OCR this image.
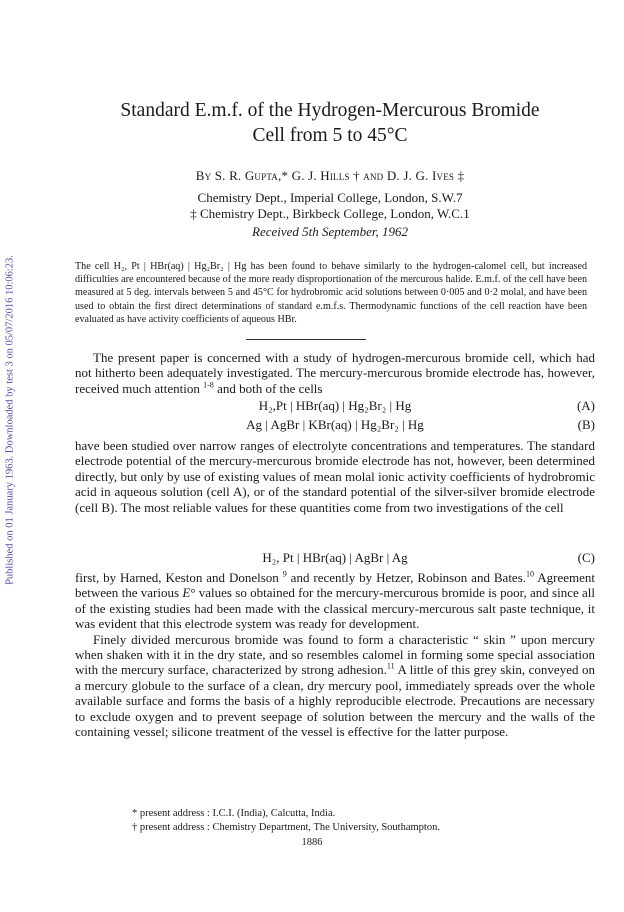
Published on 01 January 1963. Downloaded by test 3 on 05/07/2016 10:06:23.
Standard E.m.f. of the Hydrogen-Mercurous Bromide
Cell from 5 to 45°C
By S. R. Gupta,* G. J. Hills † and D. J. G. Ives ‡
Chemistry Dept., Imperial College, London, S.W.7
‡ Chemistry Dept., Birkbeck College, London, W.C.1
Received 5th September, 1962
The cell H₂, Pt | HBr(aq) | Hg₂Br₂ | Hg has been found to behave similarly to the hydrogen-calomel cell, but increased difficulties are encountered because of the more ready disproportionation of the mercurous halide. E.m.f. of the cell have been measured at 5 deg. intervals between 5 and 45°C for hydrobromic acid solutions between 0·005 and 0·2 molal, and have been used to obtain the first direct determinations of standard e.m.f.s. Thermodynamic functions of the cell reaction have been evaluated as have activity coefficients of aqueous HBr.

The present paper is concerned with a study of hydrogen-mercurous bromide cell, which had not hitherto been adequately investigated. The mercury-mercurous bromide electrode has, however, received much attention $^{1-8}$ and both of the cells

H₂,Pt | HBr(aq) | Hg₂Br₂ | Hg	(A)
Ag | AgBr | KBr(aq) | Hg₂Br₂ | Hg	(B)

have been studied over narrow ranges of electrolyte concentrations and temperatures. The standard electrode potential of the mercury-mercurous bromide electrode has not, however, been determined directly, but only by use of existing values of mean molal ionic activity coefficients of hydrobromic acid in aqueous solution (cell A), or of the standard potential of the silver-silver bromide electrode (cell B). The most reliable values for these quantities come from two investigations of the cell

H₂, Pt | HBr(aq) | AgBr | Ag	(C)

first, by Harned, Keston and Donelson $^9$ and recently by Hetzer, Robinson and Bates.$^{10}$ Agreement between the various E° values so obtained for the mercury-mercurous bromide is poor, and since all of the existing studies had been made with the classical mercury-mercurous salt paste technique, it was evident that this electrode system was ready for development.

Finely divided mercurous bromide was found to form a characteristic “ skin ” upon mercury when shaken with it in the dry state, and so resembles calomel in forming some special association with the mercury surface, characterized by strong adhesion.$^{11}$ A little of this grey skin, conveyed on a mercury globule to the surface of a clean, dry mercury pool, immediately spreads over the whole available surface and forms the basis of a highly reproducible electrode. Precautions are necessary to exclude oxygen and to prevent seepage of solution between the mercury and the walls of the containing vessel; silicone treatment of the vessel is effective for the latter purpose.

* present address : I.C.I. (India), Calcutta, India.
† present address : Chemistry Department, The University, Southampton.
1886
